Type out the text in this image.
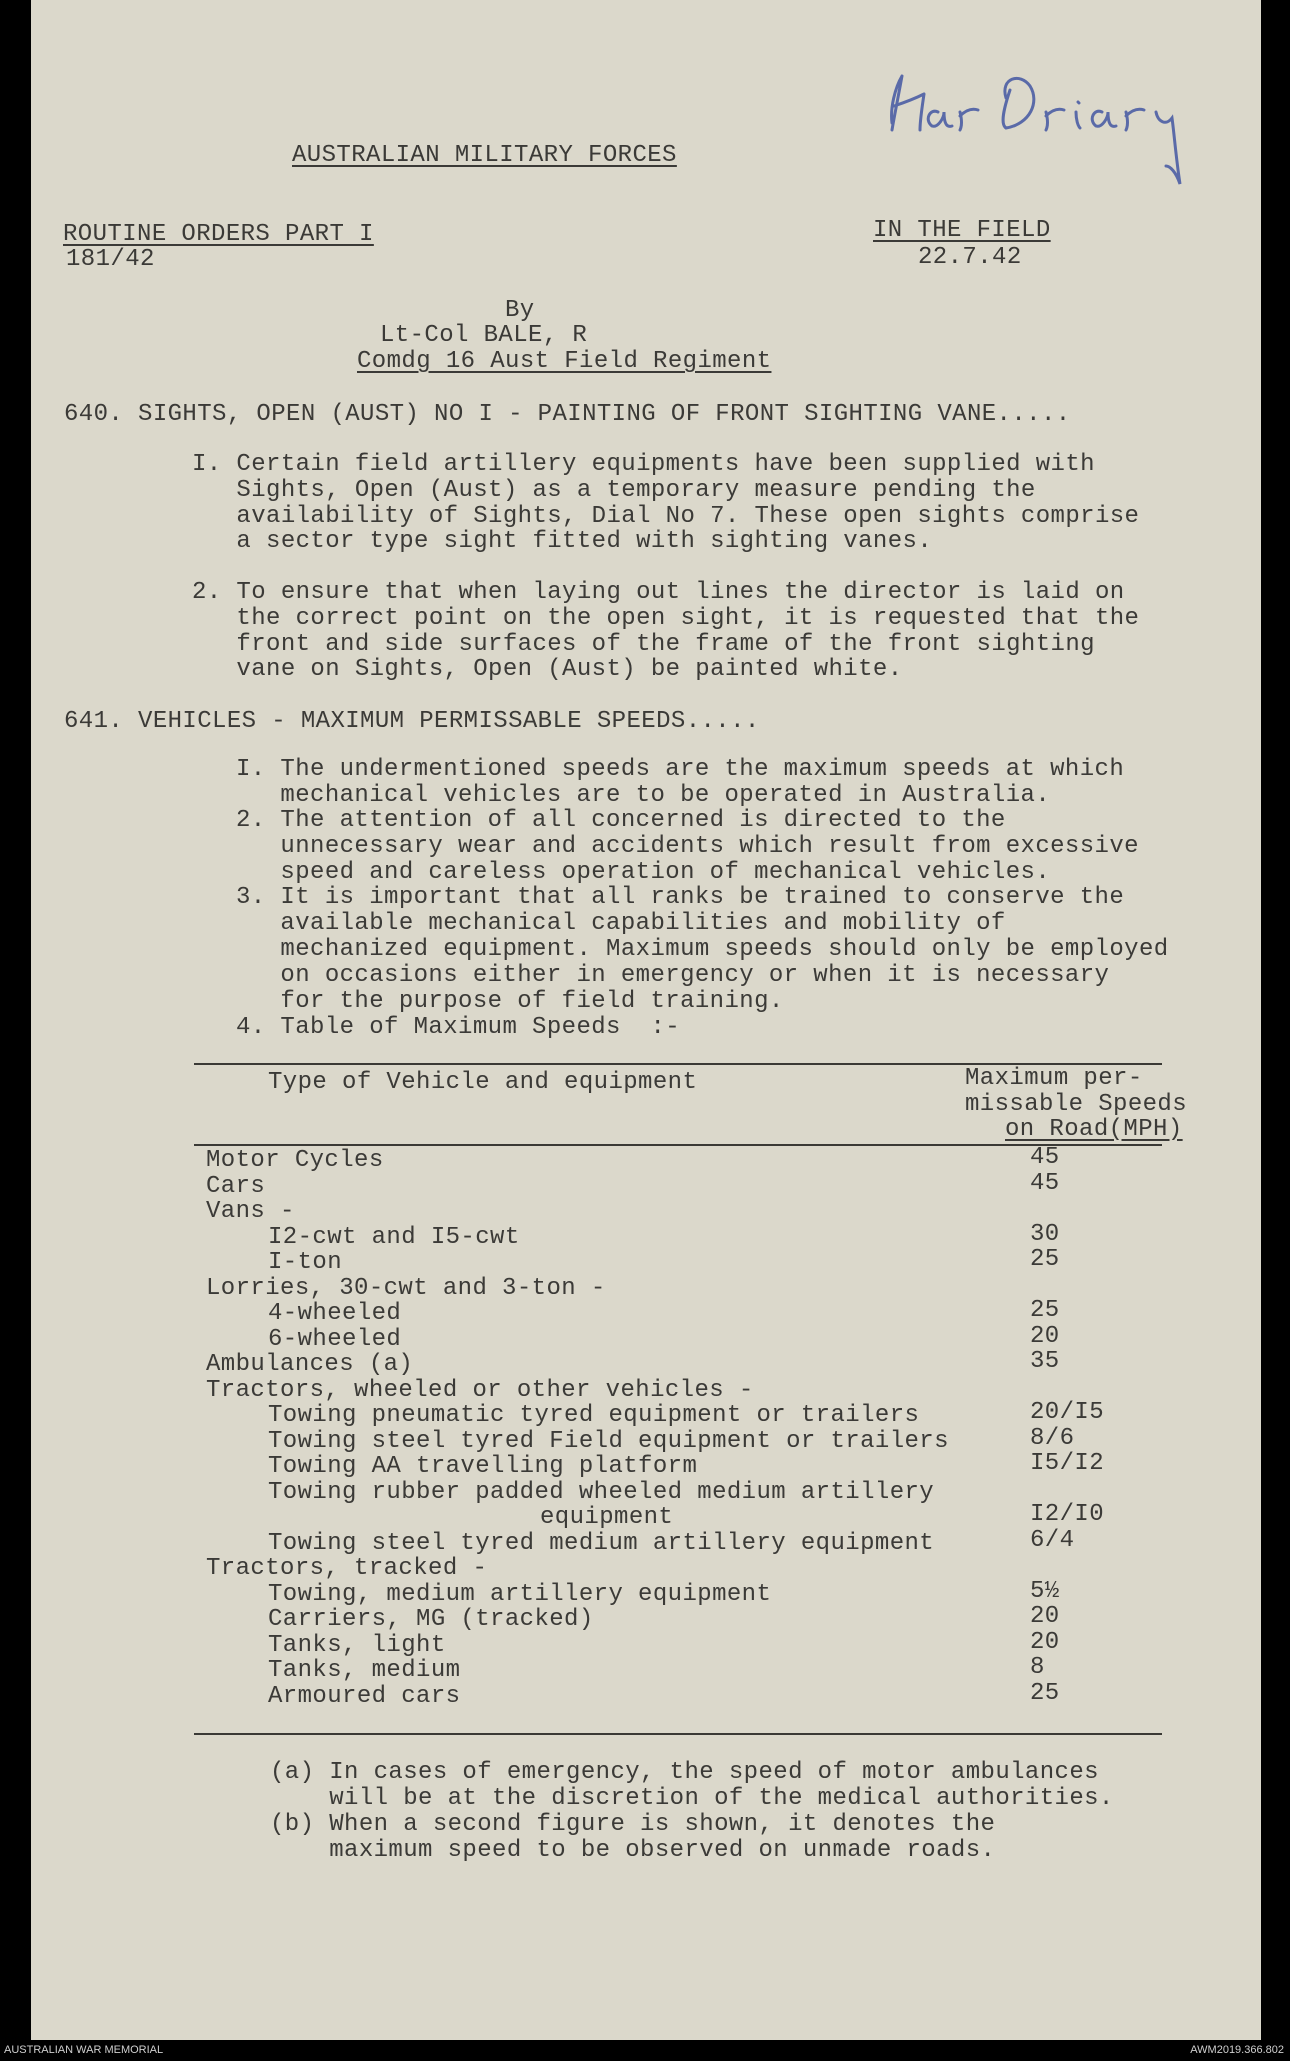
AUSTRALIAN MILITARY FORCES
ROUTINE ORDERS PART I
181/42
IN THE FIELD
22.7.42
By
Lt-Col BALE, R
Comdg 16 Aust Field Regiment
640. SIGHTS, OPEN (AUST) NO I - PAINTING OF FRONT SIGHTING VANE.....
I. Certain field artillery equipments have been supplied with
Sights, Open (Aust) as a temporary measure pending the
availability of Sights, Dial No 7. These open sights comprise
a sector type sight fitted with sighting vanes.
2. To ensure that when laying out lines the director is laid on
the correct point on the open sight, it is requested that the
front and side surfaces of the frame of the front sighting
vane on Sights, Open (Aust) be painted white.
641. VEHICLES - MAXIMUM PERMISSABLE SPEEDS.....
I. The undermentioned speeds are the maximum speeds at which
mechanical vehicles are to be operated in Australia.
2. The attention of all concerned is directed to the
unnecessary wear and accidents which result from excessive
speed and careless operation of mechanical vehicles.
3. It is important that all ranks be trained to conserve the
available mechanical capabilities and mobility of
mechanized equipment. Maximum speeds should only be employed
on occasions either in emergency or when it is necessary
for the purpose of field training.
4. Table of Maximum Speeds  :-
Type of Vehicle and equipment	Maximum per-
missable Speeds
on Road(MPH)
Motor Cycles	45
Cars	45
Vans -
I2-cwt and I5-cwt	30
I-ton	25
Lorries, 30-cwt and 3-ton -
4-wheeled	25
6-wheeled	20
Ambulances (a)	35
Tractors, wheeled or other vehicles -
Towing pneumatic tyred equipment or trailers	20/I5
Towing steel tyred Field equipment or trailers	8/6
Towing AA travelling platform	I5/I2
Towing rubber padded wheeled medium artillery
equipment	I2/I0
Towing steel tyred medium artillery equipment	6/4
Tractors, tracked -
Towing, medium artillery equipment	5½
Carriers, MG (tracked)	20
Tanks, light	20
Tanks, medium	8
Armoured cars	25
(a) In cases of emergency, the speed of motor ambulances
will be at the discretion of the medical authorities.
(b) When a second figure is shown, it denotes the
maximum speed to be observed on unmade roads.
AUSTRALIAN WAR MEMORIAL	AWM2019.366.802
